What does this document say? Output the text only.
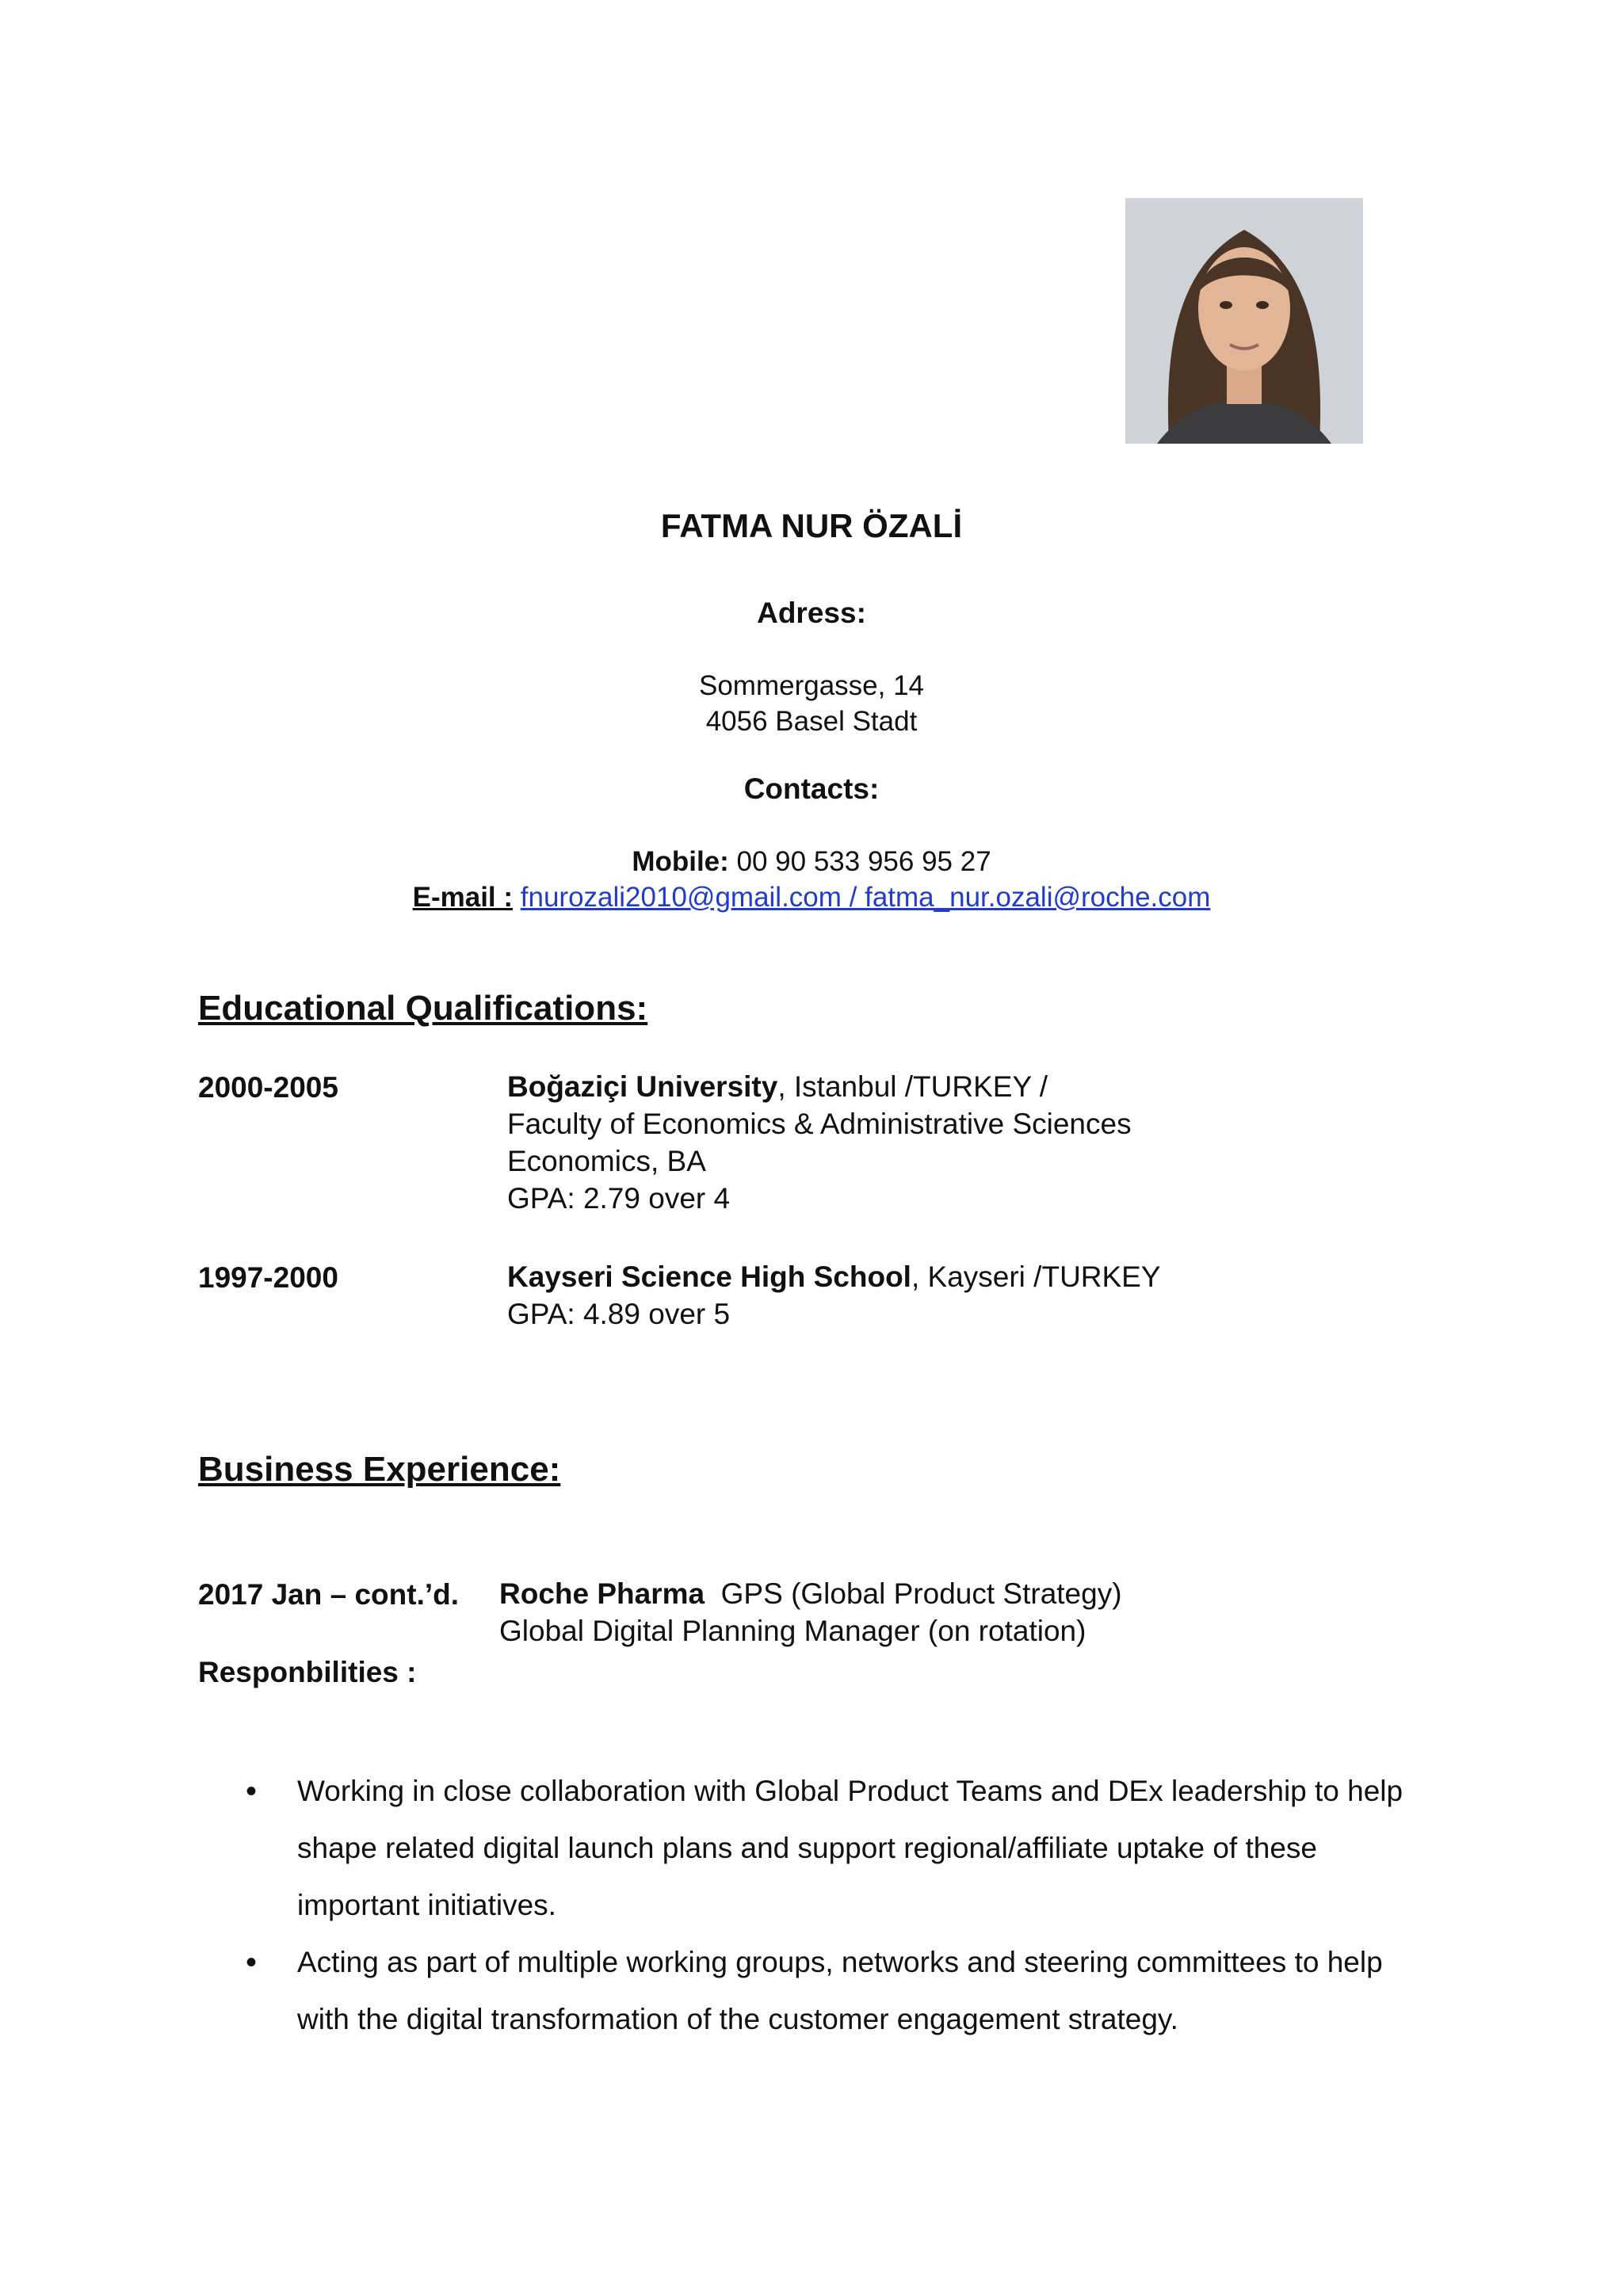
FATMA NUR ÖZALİ
Adress:
Sommergasse, 14
4056 Basel Stadt
Contacts:
Mobile: 00 90 533 956 95 27
E-mail : fnurozali2010@gmail.com / fatma_nur.ozali@roche.com
Educational Qualifications:
2000-2005	Boğaziçi University, Istanbul /TURKEY /
Faculty of Economics & Administrative Sciences
Economics, BA
GPA: 2.79 over 4
1997-2000	Kayseri Science High School, Kayseri /TURKEY
GPA: 4.89 over 5
Business Experience:
2017 Jan – cont.’d. Roche Pharma  GPS (Global Product Strategy)
Global Digital Planning Manager (on rotation)
Responbilities :
• Working in close collaboration with Global Product Teams and DEx leadership to help shape related digital launch plans and support regional/affiliate uptake of these important initiatives.
• Acting as part of multiple working groups, networks and steering committees to help with the digital transformation of the customer engagement strategy.
